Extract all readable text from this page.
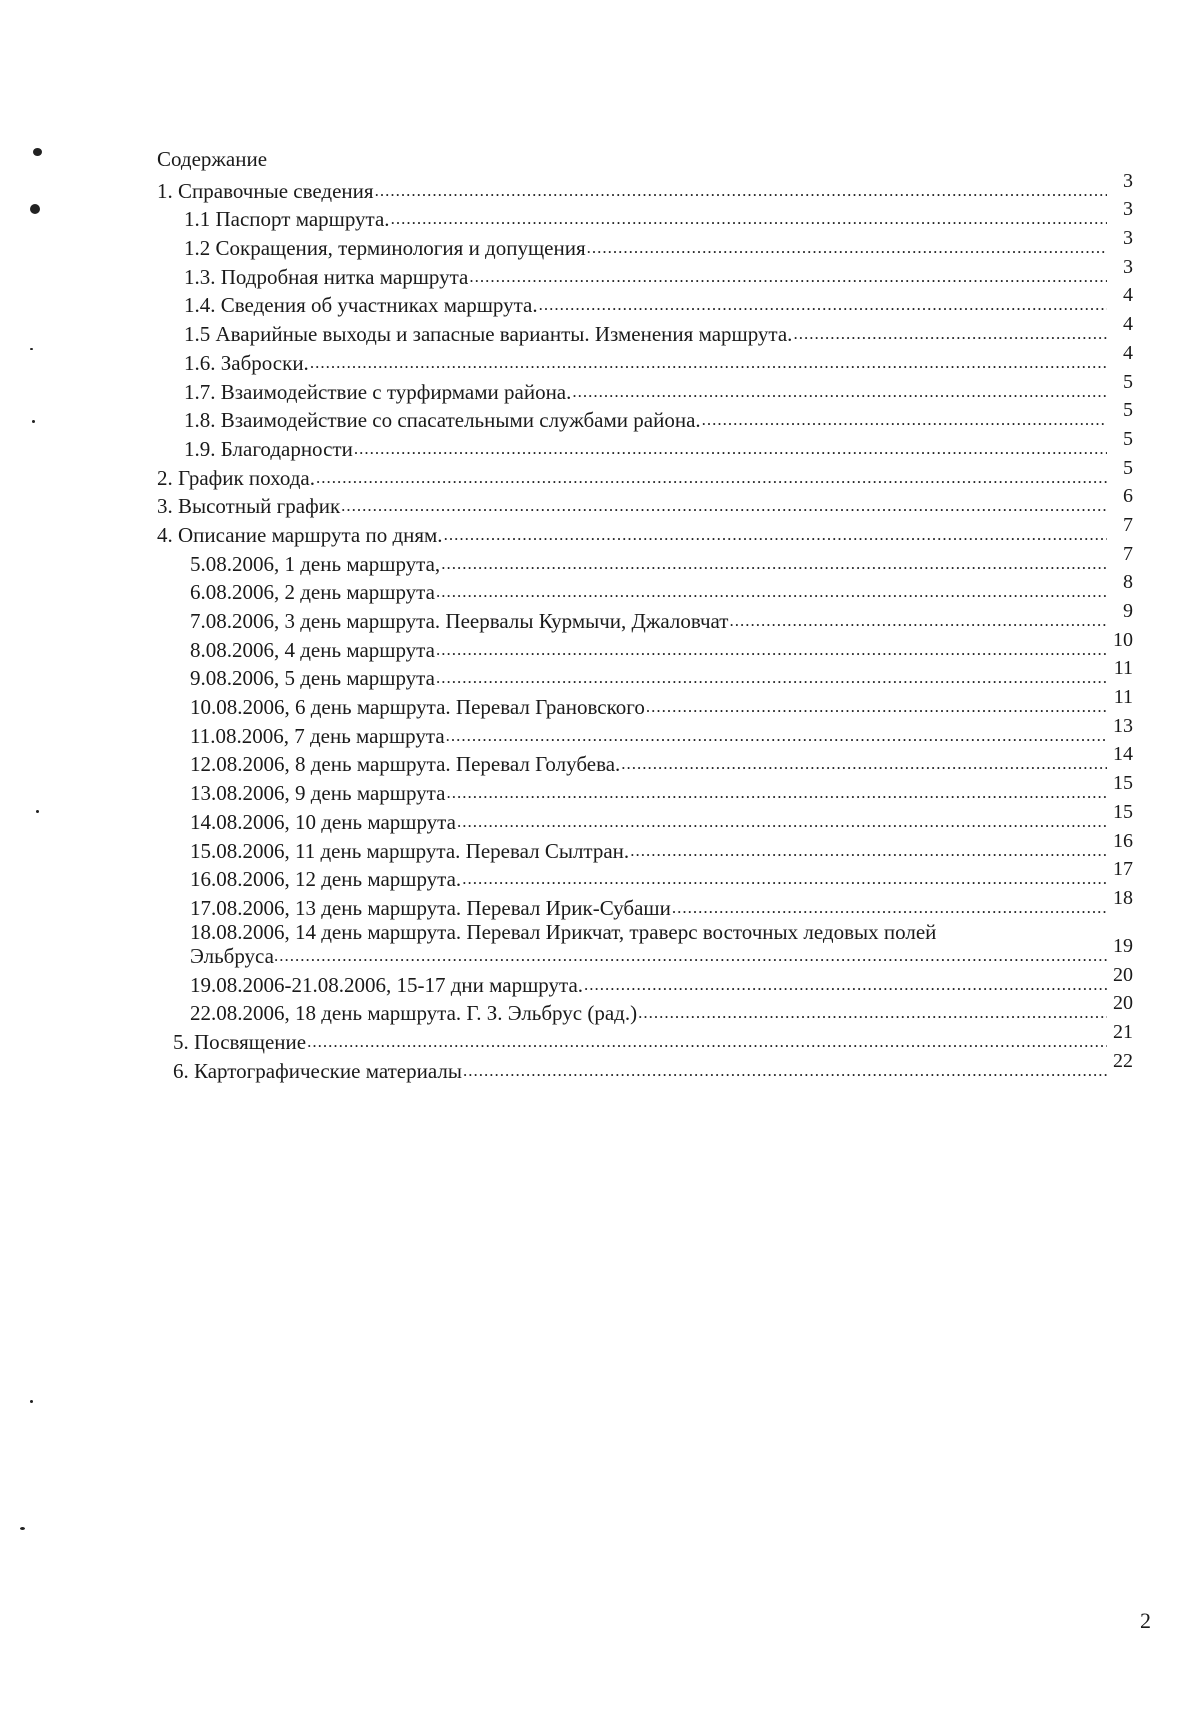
Содержание
1. Справочные сведения .....	3
1.1 Паспорт маршрута. .....	3
1.2 Сокращения, терминология и допущения .....	3
1.3. Подробная нитка маршрута .....	3
1.4. Сведения об участниках маршрута. .....	4
1.5 Аварийные выходы и запасные варианты. Изменения маршрута. .....	4
1.6. Заброски. .....	4
1.7. Взаимодействие с турфирмами района. .....	5
1.8. Взаимодействие со спасательными службами района. .....	5
1.9. Благодарности .....	5
2. График похода. .....	5
3. Высотный график .....	6
4. Описание маршрута по дням. .....	7
5.08.2006, 1 день маршрута, .....	7
6.08.2006, 2 день маршрута .....	8
7.08.2006, 3 день маршрута. Пеервалы Курмычи, Джаловчат .....	9
8.08.2006, 4 день маршрута .....	10
9.08.2006, 5 день маршрута .....	11
10.08.2006, 6 день маршрута. Перевал Грановского .....	11
11.08.2006, 7 день маршрута .....	13
12.08.2006, 8 день маршрута. Перевал Голубева. .....	14
13.08.2006, 9 день маршрута .....	15
14.08.2006, 10 день маршрута .....	15
15.08.2006, 11 день маршрута. Перевал Сылтран. .....	16
16.08.2006, 12 день маршрута. .....	17
17.08.2006, 13 день маршрута. Перевал Ирик-Субаши .....	18
18.08.2006, 14 день маршрута. Перевал Ирикчат, траверс восточных ледовых полей
Эльбруса .....	19
19.08.2006-21.08.2006, 15-17 дни маршрута. .....	20
22.08.2006, 18 день маршрута. Г. З. Эльбрус (рад.) .....	20
5. Посвящение .....	21
6. Картографические материалы .....	22
2
